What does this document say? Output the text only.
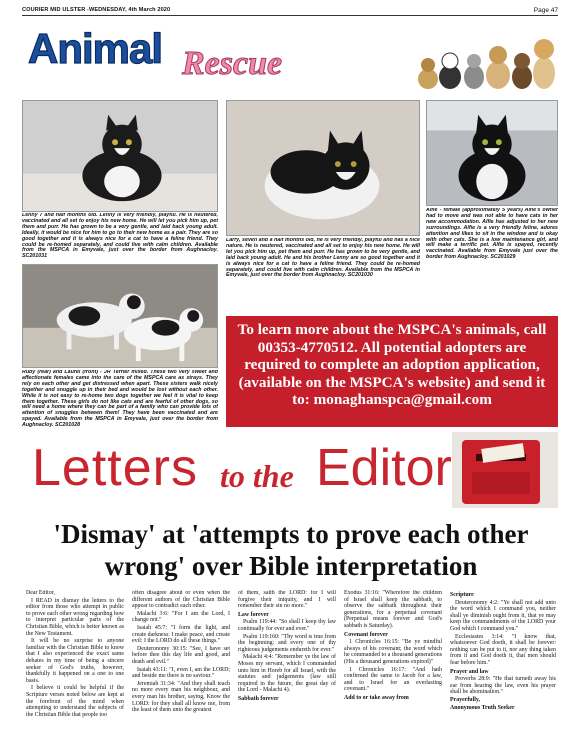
COURIER MID ULSTER -WEDNESDAY, 4th March 2020	Page 47
Animal Rescue
Lenny 7 and half months old. Lenny is very friendly, playful. He is neutered, vaccinated and all set to enjoy his new home. He will let you pick him up, pet them and purr. He has grown to be a very gentle, and laid back young adult. Ideally, it would be nice for him to go to their new home as a pair. They are so good together and it is always nice for a cat to have a feline friend. They could be re-homed separately, and could live with calm children. Available from the MSPCA in Emyvale, just over the border from Aughnacloy. SC201031
Larry, seven and a half months old, he is very friendly, playful and has a nice nature. He is neutered, vaccinated and all set to enjoy his new home. He will let you pick him up, pet them and purr. He has grown to be very gentle, and laid back young adult. He and his brother Lenny are so good together and it is always nice for a cat to have a feline friend. They could be re-homed separately, and could live with calm children. Available from the MSPCA in Emyvale, just over the border from Aughnacloy. SC201030
Alfie - female (approximately 5 years) Alfie's owner had to move and was not able to have cats in her new accommodation. Alfie has adjusted to her new surroundings. Alfie is a very friendly feline, adores attention and likes to sit in the window and is okay with other cats. She is a low maintenance girl, and will make a terrific pet. Alfie is spayed, recently vaccinated. Available from Emyvale just over the border from Aughnacloy. SC201029
Ruby (rear) and Laurel (front) - JR Terrier mixed. These two very sweet and affectionate females came into the care of the MSPCA care as strays. They rely on each other and get distressed when apart. These sisters walk nicely together and snuggle up in their bed and would be lost without each other. While it is not easy to re-home two dogs together we feel it is vital to keep them together. These girls do not like cats and are fearful of other dogs, so will need a home where they can be part of a family who can provide lots of attention of snuggles between them! They have been vaccinated and are spayed. Available from the MSPCA in Emyvale, just over the border from Aughnacloy. SC201028
To learn more about the MSPCA's animals, call 00353-4770512. All potential adopters are required to complete an adoption application, (available on the MSPCA's website) and send it to: monaghanspca@gmail.com
Letters to the Editor
'Dismay' at 'attempts to prove each other wrong' over Bible interpretation

Dear Editor,

I READ in dismay the letters to the editor from those who attempt in public to prove each other wrong regarding how to interpret particular parts of the Christian Bible, which is better known as the New Testament.

It will be no surprise to anyone familiar with the Christian Bible to know that I also experienced the exact same debates in my time of being a sincere seeker of God's truths, however, thankfully it happened on a one to one basis.

I believe it could be helpful if the Scripture verses noted below are kept at the forefront of the mind when attempting to understand the subjects of the Christian Bible that people too

often disagree about or even when the different authors of the Christian Bible appear to contradict each other.

Malachi 3:6: "For I am the Lord, I change not."

Isaiah 45:7: "I form the light, and create darkness: I make peace, and create evil: I the LORD do all these things."

Deuteronomy 30:15: "See, I have set before thee this day life and good, and death and evil."

Isaiah 43:11: "I, even I, am the LORD; and beside me there is no saviour."

Jeremiah 31:34: "And they shall teach no more every man his neighbour, and every man his brother, saying, Know the LORD: for they shall all know me, from the least of them unto the greatest

of them, saith the LORD: for I will forgive their iniquity, and I will remember their sin no more."

Law forever

Psalm 119:44: "So shall I keep thy law continually for ever and ever."

Psalm 119:160: "Thy word is true from the beginning: and every one of thy righteous judgements endureth for ever."

Malachi 4:4: "Remember ye the law of Moses my servant, which I commanded unto him in Horeb for all Israel, with the statutes and judgements (law still required in the future, the great day of the Lord - Malachi 4).

Sabbath forever

Exodus 31:16: "Wherefore the children of Israel shall keep the sabbath, to observe the sabbath throughout their generations, for a perpetual covenant (Perpetual means forever and God's sabbath is Saturday).

Covenant forever

1 Chronicles 16:15: "Be ye mindful always of his covenant; the word which he commanded to a thousand generations (His a thousand generations expired)"

1 Chronicles 16:17: "And hath confirmed the same to Jacob for a law, and to Israel for an everlasting covenant."

Add to or take away from

Scripture

Deuteronomy 4:2: "Ye shall not add unto the word which I command you, neither shall ye diminish ought from it, that ye may keep the commandments of the LORD your God which I command you."

Ecclesiastes 3:14: "I know that, whatsoever God doeth, it shall be forever: nothing can be put to it, nor any thing taken from it and God doeth it, that men should fear before him."

Prayer and law

Proverbs 28:9: "He that turneth away his ear from hearing the law, even his prayer shall be abomination."

Prayerfully,

Anonymous Truth Seeker
